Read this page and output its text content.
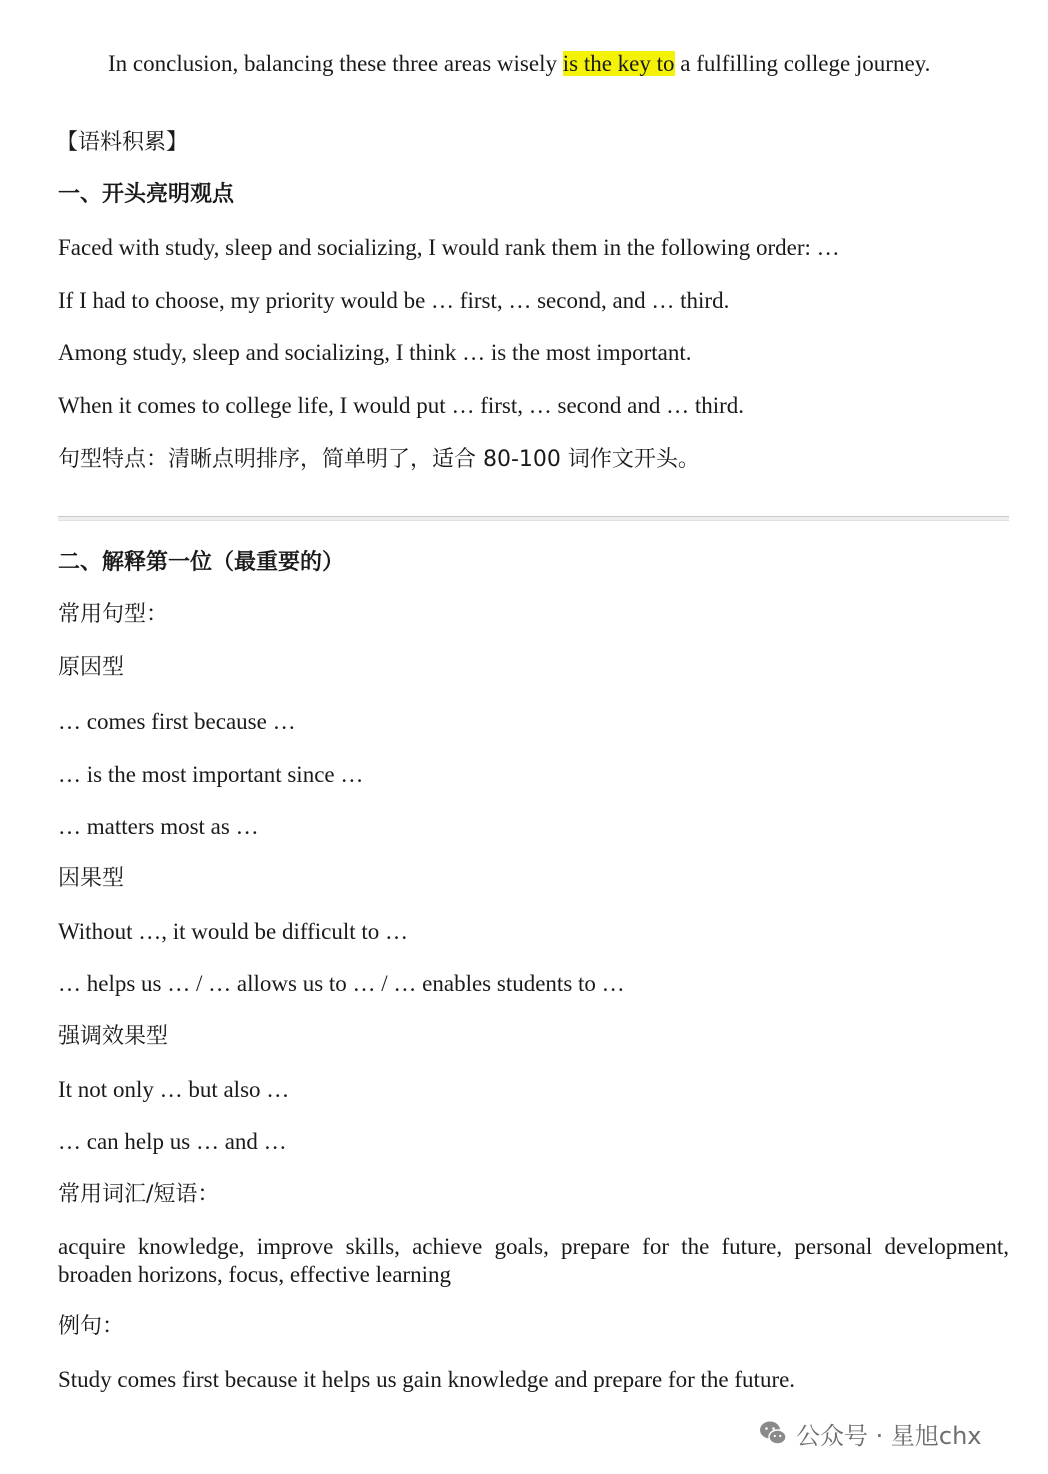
In conclusion, balancing these three areas wisely is the key to a fulfilling college journey.
【语料积累】
一、开头亮明观点
Faced with study, sleep and socializing, I would rank them in the following order: …
If I had to choose, my priority would be … first, … second, and … third.
Among study, sleep and socializing, I think … is the most important.
When it comes to college life, I would put … first, … second and … third.
句型特点：清晰点明排序，简单明了，适合 80-100 词作文开头。
二、解释第一位（最重要的）
常用句型：
原因型
… comes first because …
… is the most important since …
… matters most as …
因果型
Without …, it would be difficult to …
… helps us … / … allows us to … / … enables students to …
强调效果型
It not only … but also …
… can help us … and …
常用词汇/短语：
acquire knowledge, improve skills, achieve goals, prepare for the future, personal development, broaden horizons, focus, effective learning
例句：
Study comes first because it helps us gain knowledge and prepare for the future.
公众号 · 星旭chx
